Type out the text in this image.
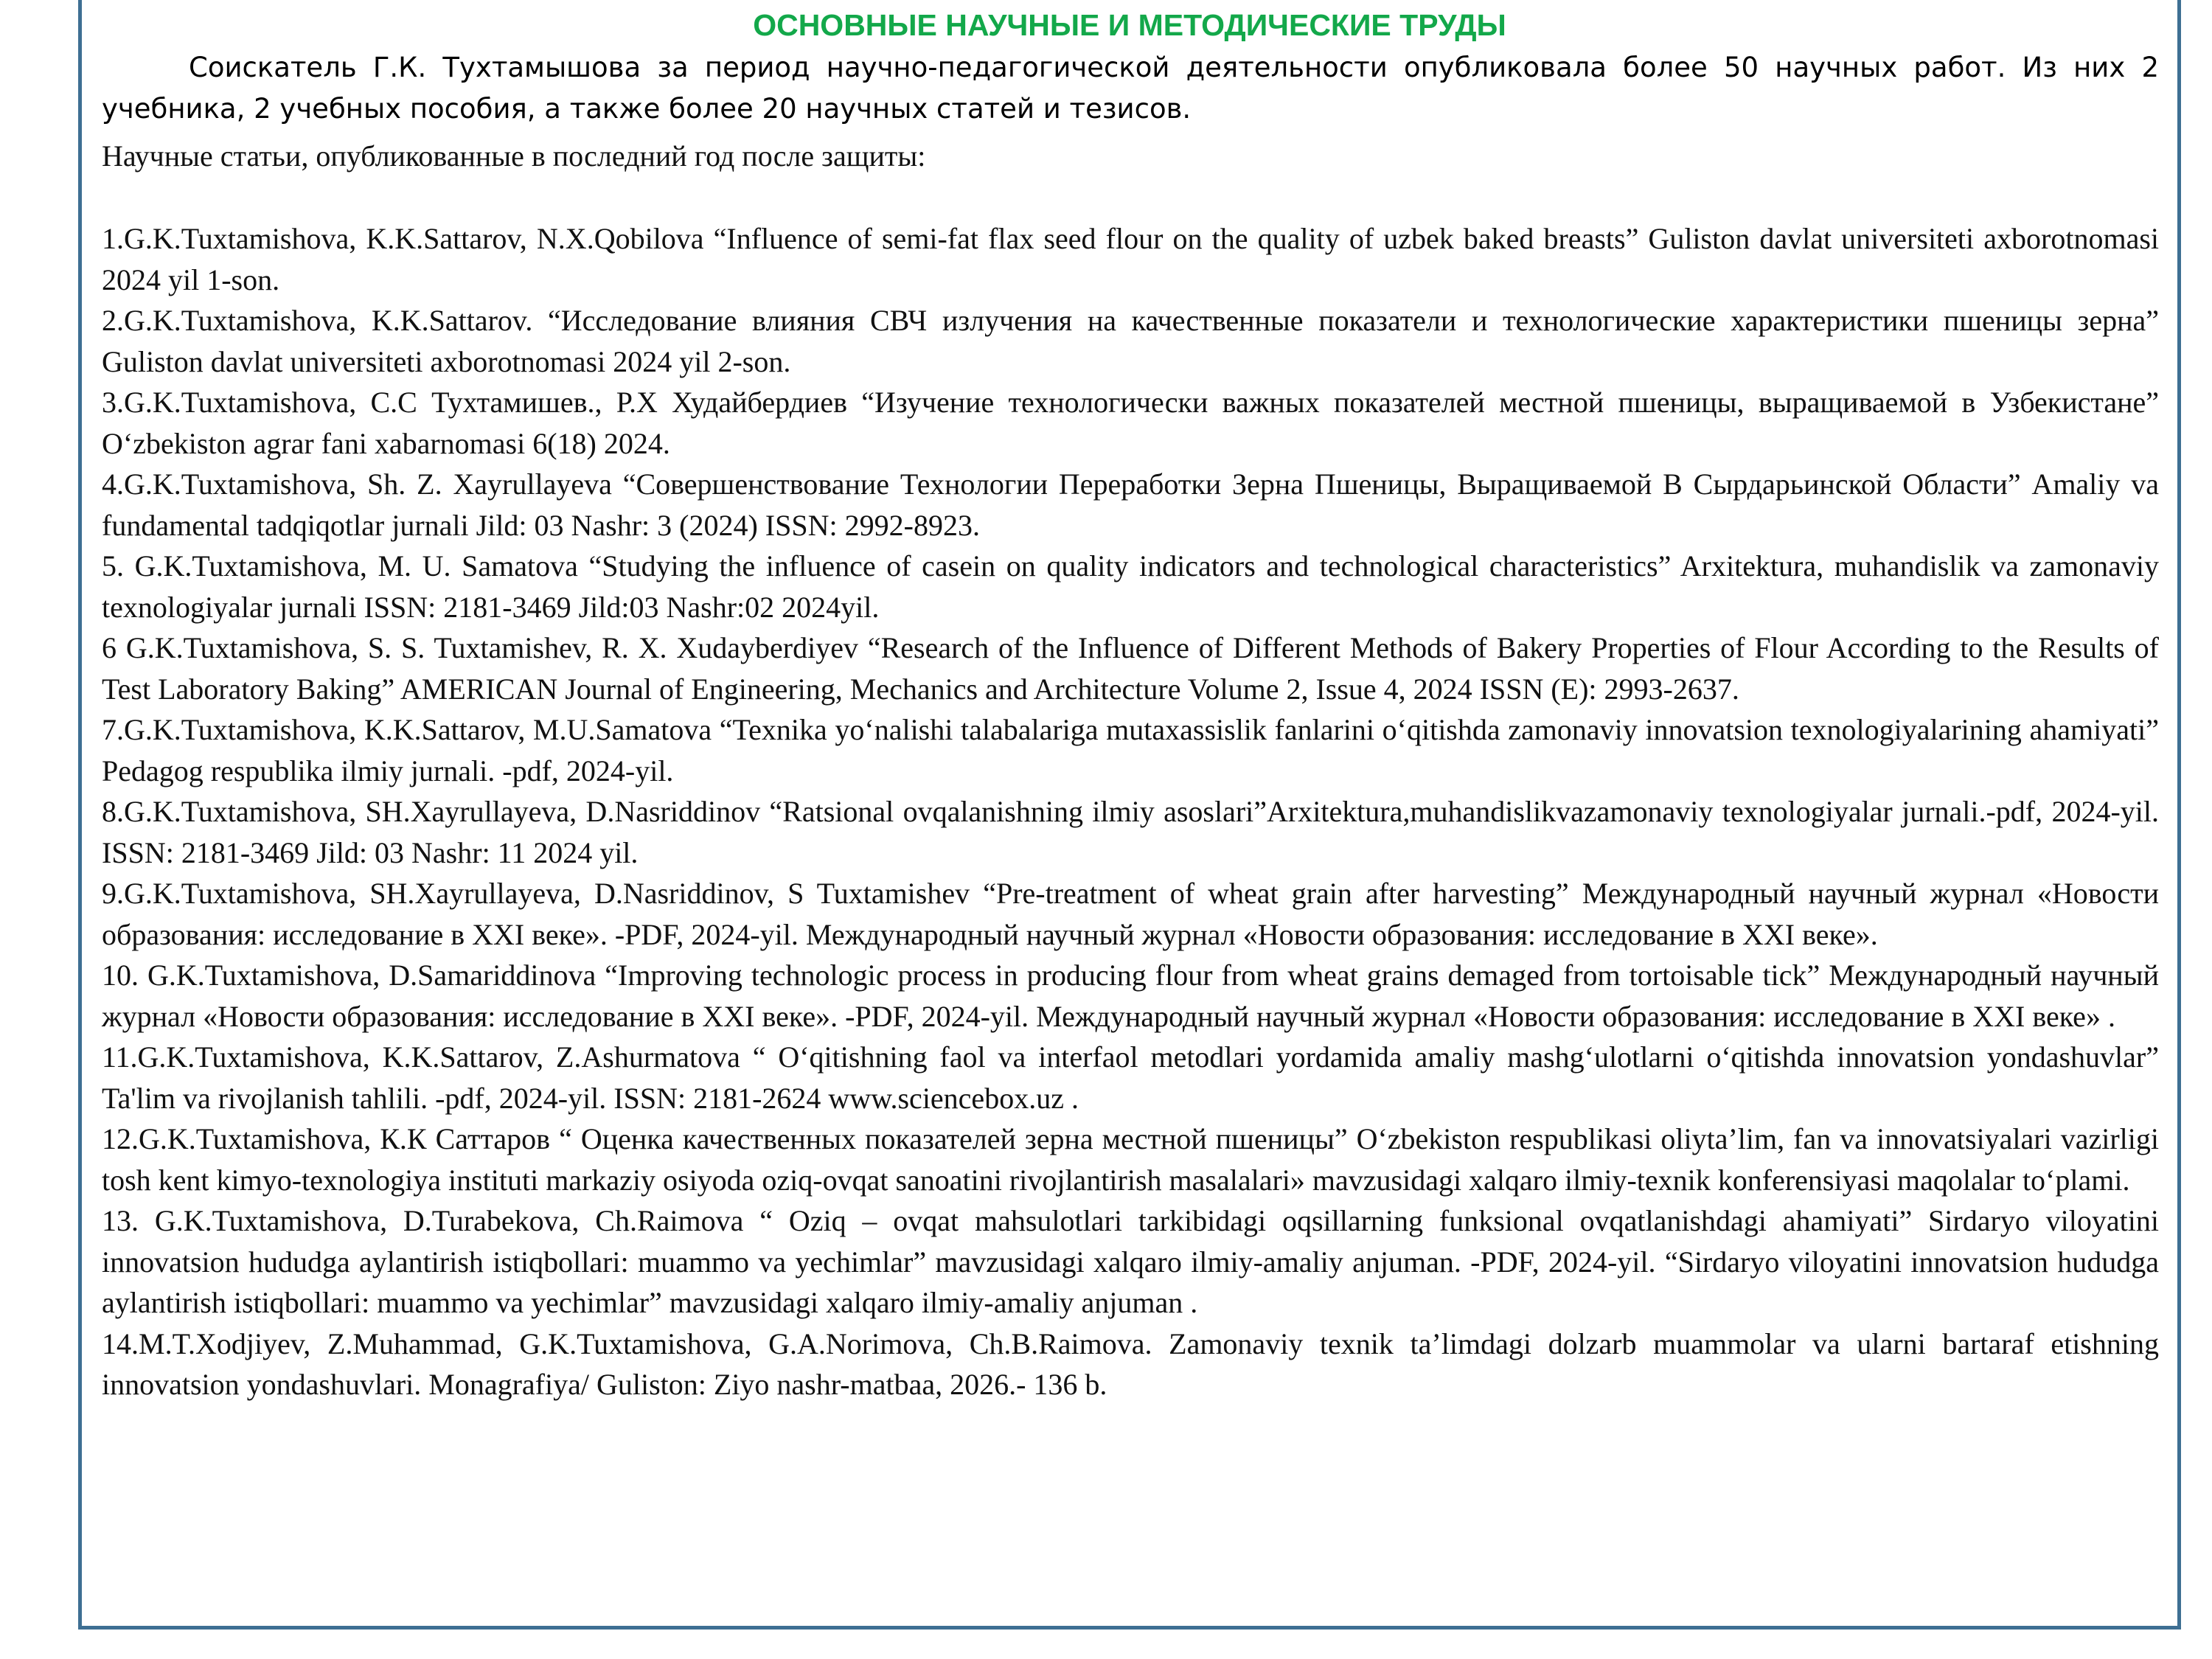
ОСНОВНЫЕ НАУЧНЫЕ И МЕТОДИЧЕСКИЕ ТРУДЫ
Соискатель Г.К. Тухтамышова за период научно-педагогической деятельности опубликовала более 50 научных работ. Из них 2 учебника, 2 учебных пособия, а также более 20 научных статей и тезисов.
Научные статьи, опубликованные в последний год после защиты:

1.G.K.Tuxtamishova, K.K.Sattarov, N.X.Qobilova “Influence of semi-fat flax seed flour on the quality of uzbek baked breasts” Guliston davlat universiteti axborotnomasi 2024 yil 1-son.

2.G.K.Tuxtamishova, K.K.Sattarov. “Исследование влияния СВЧ излучения на качественные показатели и технологические характеристики пшеницы зерна” Guliston davlat universiteti axborotnomasi 2024 yil 2-son.

3.G.K.Tuxtamishova, С.С Тухтамишев., Р.Х Худайбердиев “Изучение технологически важных показателей местной пшеницы, выращиваемой в Узбекистане” O‘zbekiston agrar fani xabarnomasi 6(18) 2024.

4.G.K.Tuxtamishova, Sh. Z. Xayrullayeva “Совершенствование Технологии Переработки Зерна Пшеницы, Выращиваемой В Сырдарьинской Области” Amaliy va fundamental tadqiqotlar jurnali Jild: 03 Nashr: 3 (2024) ISSN: 2992-8923.

5. G.K.Tuxtamishova, M. U. Samatova “Studying the influence of casein on quality indicators and technological characteristics” Arxitektura, muhandislik va zamonaviy texnologiyalar jurnali ISSN: 2181-3469 Jild:03 Nashr:02 2024yil.

6 G.K.Tuxtamishova, S. S. Tuxtamishev, R. X. Xudayberdiyev “Research of the Influence of Different Methods of Bakery Properties of Flour According to the Results of Test Laboratory Baking” AMERICAN Journal of Engineering, Mechanics and Architecture Volume 2, Issue 4, 2024 ISSN (E): 2993-2637.

7.G.K.Tuxtamishova, K.K.Sattarov, M.U.Samatova “Texnika yo‘nalishi talabalariga mutaxassislik fanlarini o‘qitishda zamonaviy innovatsion texnologiyalarining ahamiyati” Pedagog respublika ilmiy jurnali. -pdf, 2024-yil.

8.G.K.Tuxtamishova, SH.Xayrullayeva, D.Nasriddinov “Ratsional ovqalanishning ilmiy asoslari”Arxitektura,muhandislikvazamonaviy texnologiyalar jurnali.-pdf, 2024-yil. ISSN: 2181-3469 Jild: 03 Nashr: 11 2024 yil.

9.G.K.Tuxtamishova, SH.Xayrullayeva, D.Nasriddinov, S Tuxtamishev “Pre-treatment of wheat grain after harvesting” Международный научный журнал «Новости образования: исследование в XXI веке». -PDF, 2024-yil. Международный научный журнал «Новости образования: исследование в XXI веке».

10. G.K.Tuxtamishova, D.Samariddinova “Improving technologic process in producing flour from wheat grains demaged from tortoisable tick” Международный научный журнал «Новости образования: исследование в XXI веке». -PDF, 2024-yil. Международный научный журнал «Новости образования: исследование в XXI веке» .

11.G.K.Tuxtamishova, K.K.Sattarov, Z.Ashurmatova “ O‘qitishning faol va interfaol metodlari yordamida amaliy mashg‘ulotlarni o‘qitishda innovatsion yondashuvlar” Ta'lim va rivojlanish tahlili. -pdf, 2024-yil. ISSN: 2181-2624 www.sciencebox.uz .

12.G.K.Tuxtamishova, К.К Саттаров “ Оценка качественных показателей зерна местной пшеницы” O‘zbekiston respublikasi oliyta’lim, fan va innovatsiyalari vazirligi tosh kent kimyo-texnologiya instituti markaziy osiyoda oziq-ovqat sanoatini rivojlantirish masalalari» mavzusidagi xalqaro ilmiy-texnik konferensiyasi maqolalar to‘plami.

13. G.K.Tuxtamishova, D.Turabekova, Ch.Raimova “ Oziq – ovqat mahsulotlari tarkibidagi oqsillarning funksional ovqatlanishdagi ahamiyati” Sirdaryo viloyatini innovatsion hududga aylantirish istiqbollari: muammo va yechimlar” mavzusidagi xalqaro ilmiy-amaliy anjuman. -PDF, 2024-yil. “Sirdaryo viloyatini innovatsion hududga aylantirish istiqbollari: muammo va yechimlar” mavzusidagi xalqaro ilmiy-amaliy anjuman .

14.M.T.Xodjiyev, Z.Muhammad, G.K.Tuxtamishova, G.A.Norimova, Ch.B.Raimova. Zamonaviy texnik ta’limdagi dolzarb muammolar va ularni bartaraf etishning innovatsion yondashuvlari. Monagrafiya/ Guliston: Ziyo nashr-matbaa, 2026.- 136 b.
